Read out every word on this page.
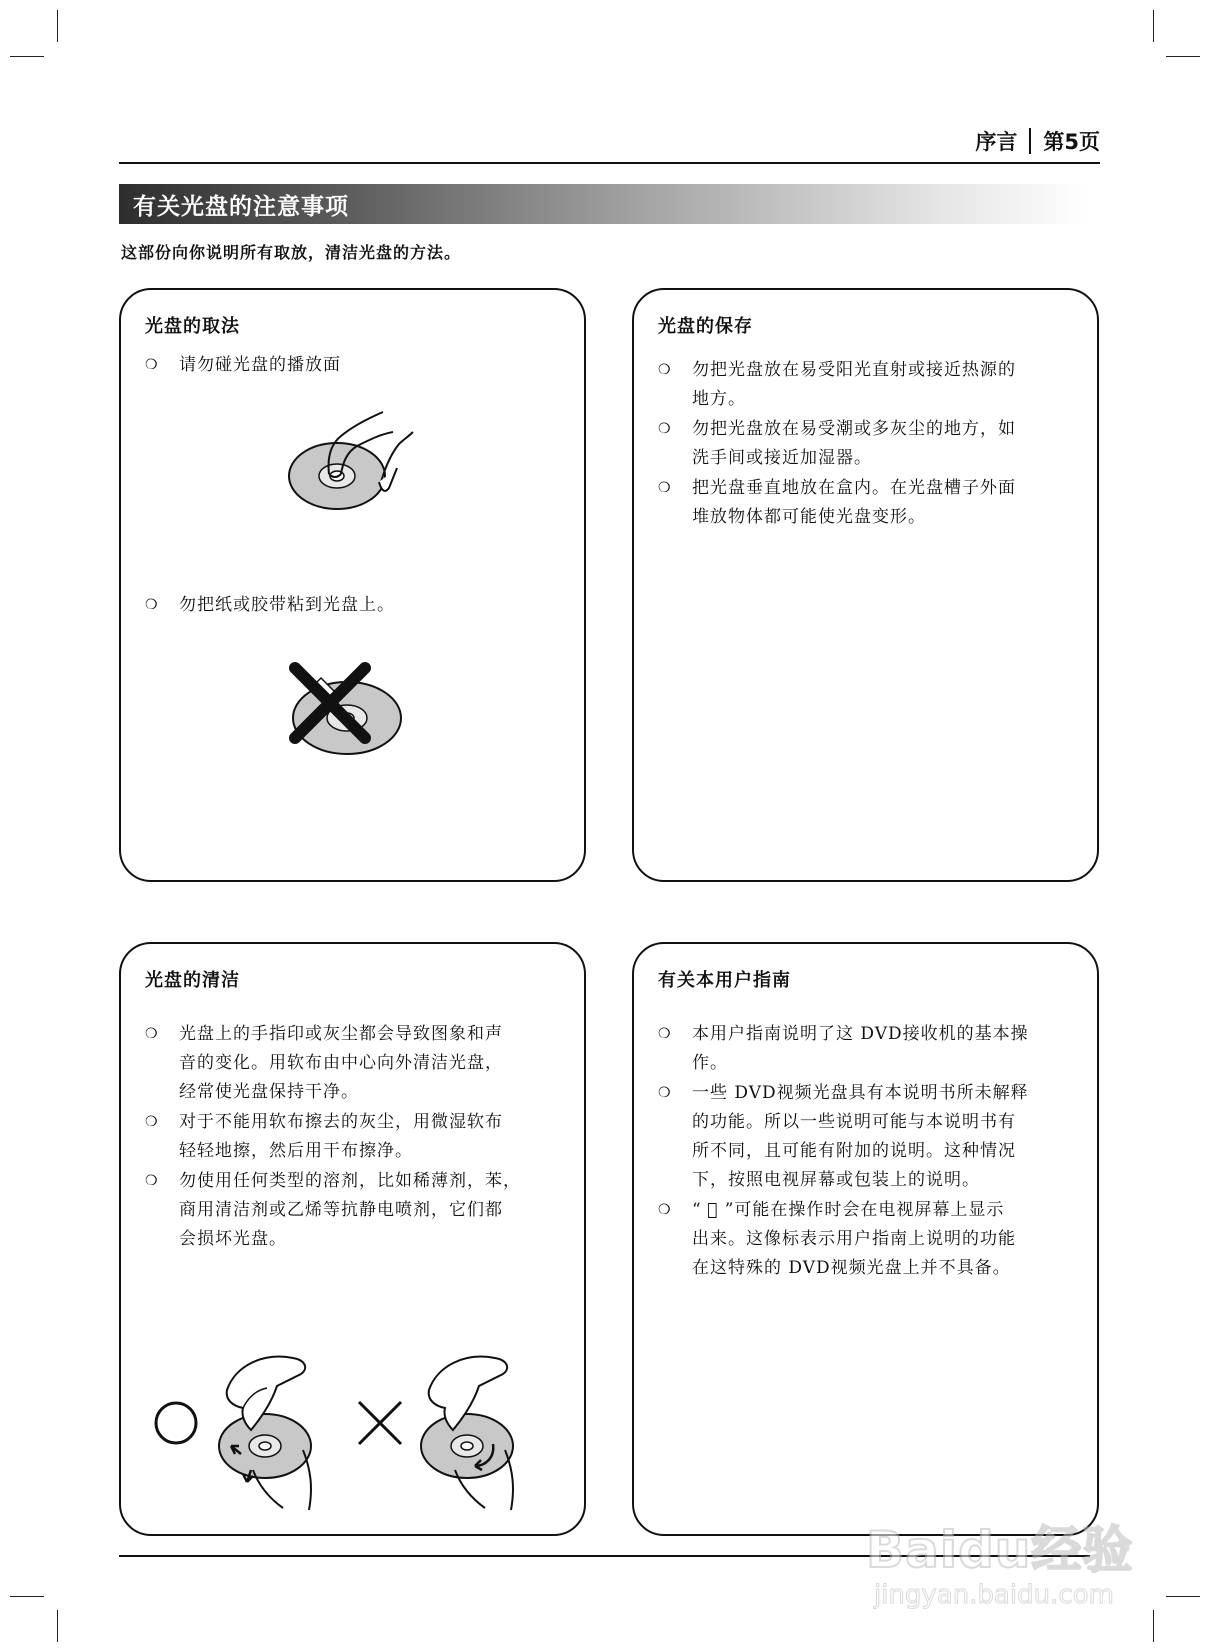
序言 第5页
有关光盘的注意事项
这部份向你说明所有取放，清洁光盘的方法。
光盘的取法
❍ 请勿碰光盘的播放面
❍ 勿把纸或胶带粘到光盘上。
光盘的保存
❍ 勿把光盘放在易受阳光直射或接近热源的
地方。
❍ 勿把光盘放在易受潮或多灰尘的地方，如
洗手间或接近加湿器。
❍ 把光盘垂直地放在盒内。在光盘槽子外面
堆放物体都可能使光盘变形。
光盘的清洁
❍ 光盘上的手指印或灰尘都会导致图象和声
音的变化。用软布由中心向外清洁光盘，
经常使光盘保持干净。
❍ 对于不能用软布擦去的灰尘，用微湿软布
轻轻地擦，然后用干布擦净。
❍ 勿使用任何类型的溶剂，比如稀薄剂，苯，
商用清洁剂或乙烯等抗静电喷剂，它们都
会损坏光盘。
有关本用户指南
❍ 本用户指南说明了这 DVD接收机的基本操
作。
❍ 一些 DVD视频光盘具有本说明书所未解释
的功能。所以一些说明可能与本说明书有
所不同，且可能有附加的说明。这种情况
下，按照电视屏幕或包装上的说明。
❍ “ ⃠ ”可能在操作时会在电视屏幕上显示
出来。这像标表示用户指南上说明的功能
在这特殊的 DVD视频光盘上并不具备。
Baidu经验
jingyan.baidu.com
